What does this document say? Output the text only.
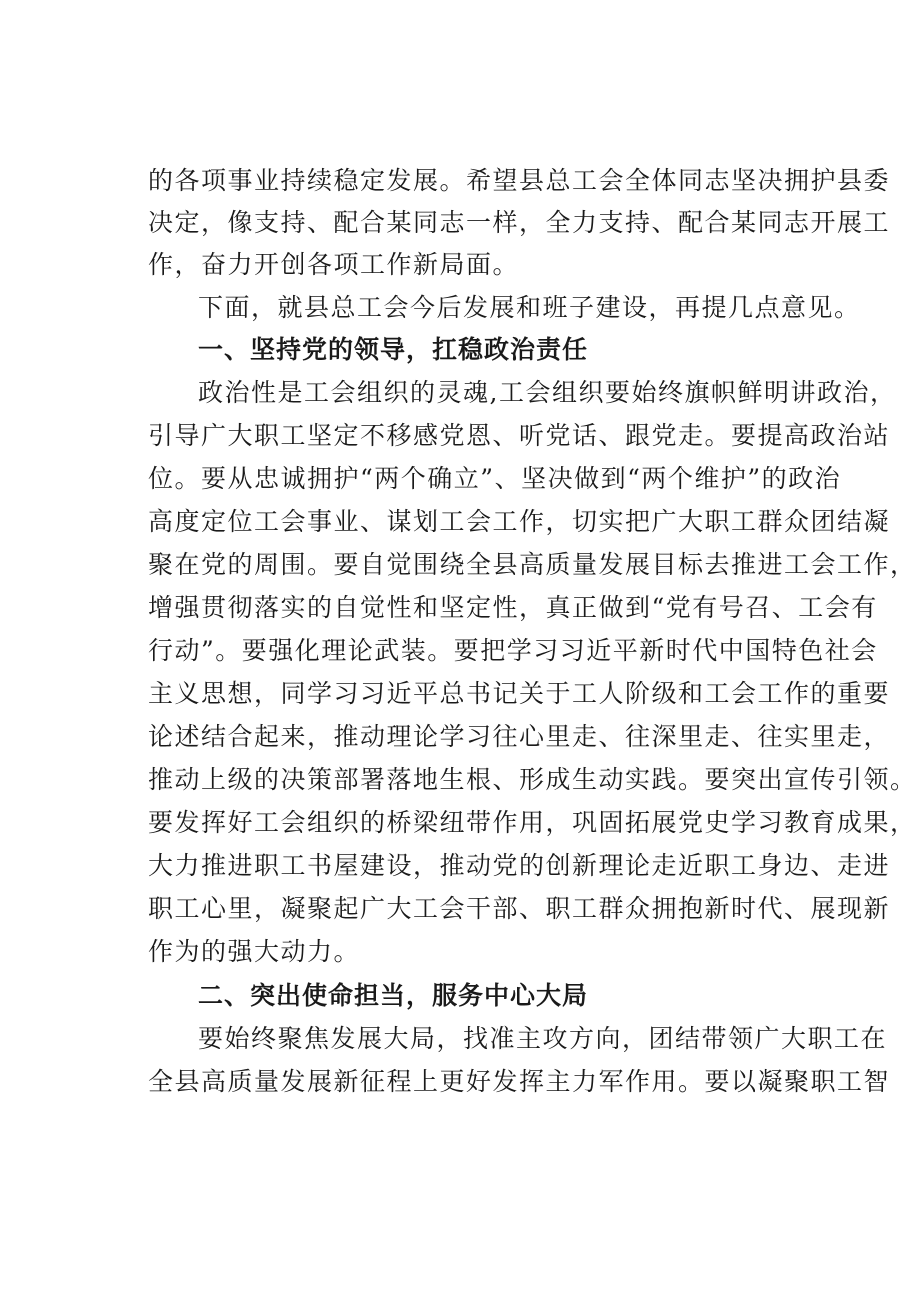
的各项事业持续稳定发展。希望县总工会全体同志坚决拥护县委
决定，像支持、配合某同志一样，全力支持、配合某同志开展工
作，奋力开创各项工作新局面。
下面，就县总工会今后发展和班子建设，再提几点意见。
一、坚持党的领导，扛稳政治责任
政治性是工会组织的灵魂,工会组织要始终旗帜鲜明讲政治，
引导广大职工坚定不移感党恩、听党话、跟党走。要提高政治站
位。要从忠诚拥护“两个确立”、坚决做到“两个维护”的政治
高度定位工会事业、谋划工会工作，切实把广大职工群众团结凝
聚在党的周围。要自觉围绕全县高质量发展目标去推进工会工作，
增强贯彻落实的自觉性和坚定性，真正做到“党有号召、工会有
行动”。要强化理论武装。要把学习习近平新时代中国特色社会
主义思想，同学习习近平总书记关于工人阶级和工会工作的重要
论述结合起来，推动理论学习往心里走、往深里走、往实里走，
推动上级的决策部署落地生根、形成生动实践。要突出宣传引领。
要发挥好工会组织的桥梁纽带作用，巩固拓展党史学习教育成果，
大力推进职工书屋建设，推动党的创新理论走近职工身边、走进
职工心里，凝聚起广大工会干部、职工群众拥抱新时代、展现新
作为的强大动力。
二、突出使命担当，服务中心大局
要始终聚焦发展大局，找准主攻方向，团结带领广大职工在
全县高质量发展新征程上更好发挥主力军作用。要以凝聚职工智
